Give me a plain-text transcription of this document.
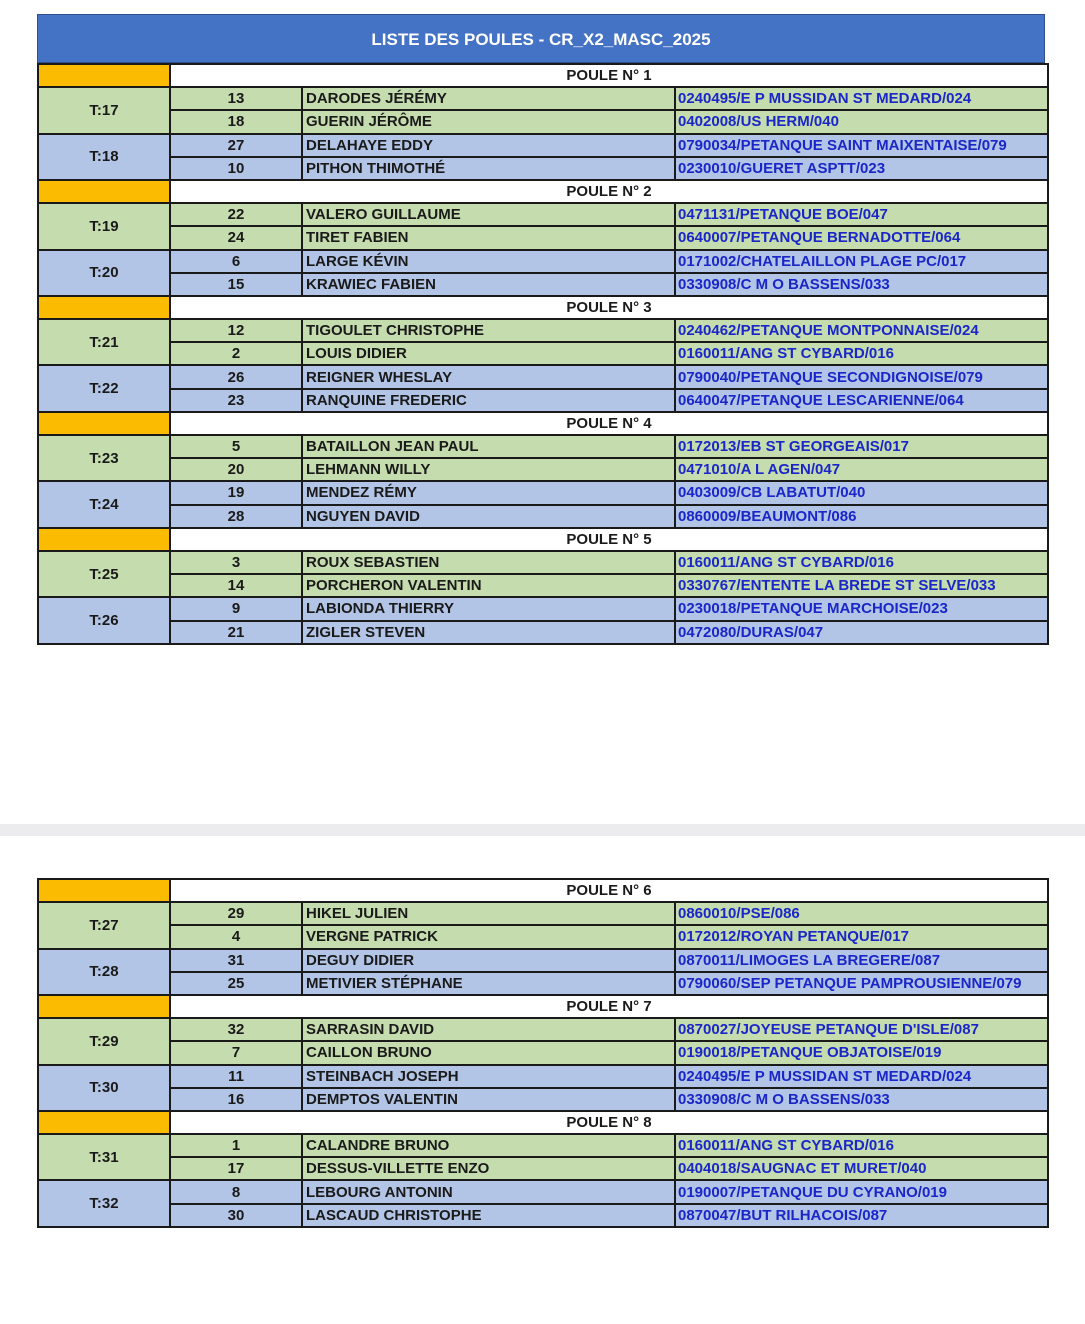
LISTE DES POULES - CR_X2_MASC_2025
	POULE N° 1		
T:17	13	DARODES JÉRÉMY	0240495/E P MUSSIDAN ST MEDARD/024
	18	GUERIN JÉRÔME	0402008/US HERM/040
T:18	27	DELAHAYE EDDY	0790034/PETANQUE SAINT MAIXENTAISE/079
	10	PITHON THIMOTHÉ	0230010/GUERET ASPTT/023
	POULE N° 2		
T:19	22	VALERO GUILLAUME	0471131/PETANQUE BOE/047
	24	TIRET FABIEN	0640007/PETANQUE BERNADOTTE/064
T:20	6	LARGE KÉVIN	0171002/CHATELAILLON PLAGE PC/017
	15	KRAWIEC FABIEN	0330908/C M O BASSENS/033
	POULE N° 3		
T:21	12	TIGOULET CHRISTOPHE	0240462/PETANQUE MONTPONNAISE/024
	2	LOUIS DIDIER	0160011/ANG ST CYBARD/016
T:22	26	REIGNER WHESLAY	0790040/PETANQUE SECONDIGNOISE/079
	23	RANQUINE FREDERIC	0640047/PETANQUE LESCARIENNE/064
	POULE N° 4		
T:23	5	BATAILLON JEAN PAUL	0172013/EB ST GEORGEAIS/017
	20	LEHMANN WILLY	0471010/A L AGEN/047
T:24	19	MENDEZ RÉMY	0403009/CB LABATUT/040
	28	NGUYEN DAVID	0860009/BEAUMONT/086
	POULE N° 5		
T:25	3	ROUX SEBASTIEN	0160011/ANG ST CYBARD/016
	14	PORCHERON VALENTIN	0330767/ENTENTE LA BREDE ST SELVE/033
T:26	9	LABIONDA THIERRY	0230018/PETANQUE MARCHOISE/023
	21	ZIGLER STEVEN	0472080/DURAS/047
	POULE N° 6		
T:27	29	HIKEL JULIEN	0860010/PSE/086
	4	VERGNE PATRICK	0172012/ROYAN PETANQUE/017
T:28	31	DEGUY DIDIER	0870011/LIMOGES LA BREGERE/087
	25	METIVIER STÉPHANE	0790060/SEP PETANQUE PAMPROUSIENNE/079
	POULE N° 7		
T:29	32	SARRASIN DAVID	0870027/JOYEUSE PETANQUE D'ISLE/087
	7	CAILLON BRUNO	0190018/PETANQUE OBJATOISE/019
T:30	11	STEINBACH JOSEPH	0240495/E P MUSSIDAN ST MEDARD/024
	16	DEMPTOS VALENTIN	0330908/C M O BASSENS/033
	POULE N° 8		
T:31	1	CALANDRE BRUNO	0160011/ANG ST CYBARD/016
	17	DESSUS-VILLETTE ENZO	0404018/SAUGNAC ET MURET/040
T:32	8	LEBOURG ANTONIN	0190007/PETANQUE DU CYRANO/019
	30	LASCAUD CHRISTOPHE	0870047/BUT RILHACOIS/087
